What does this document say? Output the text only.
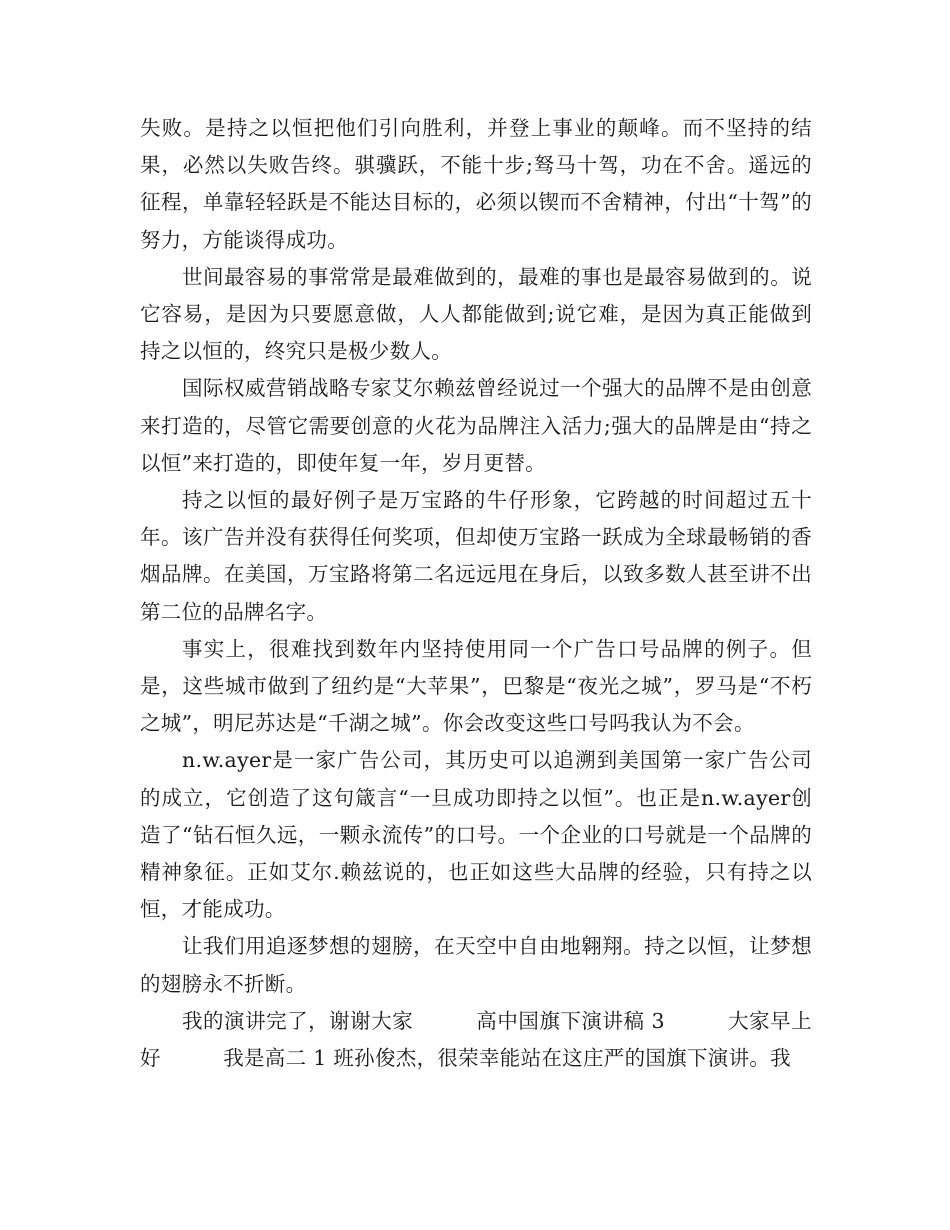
失败。是持之以恒把他们引向胜利，并登上事业的颠峰。而不坚持的结果，必然以失败告终。骐骥跃，不能十步;驽马十驾，功在不舍。遥远的征程，单靠轻轻跃是不能达目标的，必须以锲而不舍精神，付出“十驾”的努力，方能谈得成功。

世间最容易的事常常是最难做到的，最难的事也是最容易做到的。说它容易，是因为只要愿意做，人人都能做到;说它难，是因为真正能做到持之以恒的，终究只是极少数人。

国际权威营销战略专家艾尔赖兹曾经说过一个强大的品牌不是由创意来打造的，尽管它需要创意的火花为品牌注入活力;强大的品牌是由“持之以恒”来打造的，即使年复一年，岁月更替。

持之以恒的最好例子是万宝路的牛仔形象，它跨越的时间超过五十年。该广告并没有获得任何奖项，但却使万宝路一跃成为全球最畅销的香烟品牌。在美国，万宝路将第二名远远甩在身后，以致多数人甚至讲不出第二位的品牌名字。

事实上，很难找到数年内坚持使用同一个广告口号品牌的例子。但是，这些城市做到了纽约是“大苹果”，巴黎是“夜光之城”，罗马是“不朽之城”，明尼苏达是“千湖之城”。你会改变这些口号吗我认为不会。

n.w.ayer是一家广告公司，其历史可以追溯到美国第一家广告公司的成立，它创造了这句箴言“一旦成功即持之以恒”。也正是n.w.ayer创造了“钻石恒久远，一颗永流传”的口号。一个企业的口号就是一个品牌的精神象征。正如艾尔.赖兹说的，也正如这些大品牌的经验，只有持之以恒，才能成功。

让我们用追逐梦想的翅膀，在天空中自由地翱翔。持之以恒，让梦想的翅膀永不折断。

我的演讲完了，谢谢大家　　　高中国旗下演讲稿 3　　　大家早上好　　　我是高二 1 班孙俊杰，很荣幸能站在这庄严的国旗下演讲。我
